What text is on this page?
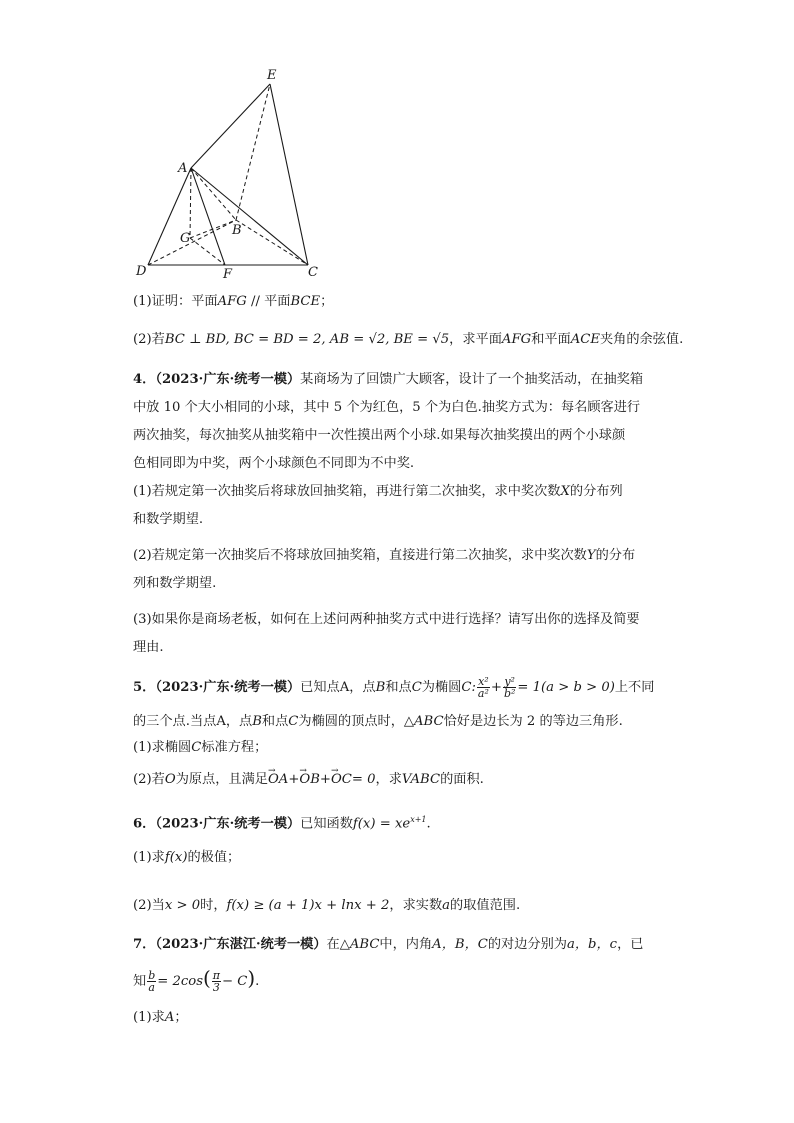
E
A
G
B
D	F	C
(1)证明：平面AFG // 平面BCE；
(2)若BC ⊥ BD, BC = BD = 2, AB = √2, BE = √5，求平面AFG和平面ACE夹角的余弦值.
4．（2023·广东·统考一模）某商场为了回馈广大顾客，设计了一个抽奖活动，在抽奖箱
中放 10 个大小相同的小球，其中 5 个为红色，5 个为白色.抽奖方式为：每名顾客进行
两次抽奖，每次抽奖从抽奖箱中一次性摸出两个小球.如果每次抽奖摸出的两个小球颜
色相同即为中奖，两个小球颜色不同即为不中奖.
(1)若规定第一次抽奖后将球放回抽奖箱，再进行第二次抽奖，求中奖次数X的分布列
和数学期望.
(2)若规定第一次抽奖后不将球放回抽奖箱，直接进行第二次抽奖，求中奖次数Y的分布
列和数学期望.
(3)如果你是商场老板，如何在上述问两种抽奖方式中进行选择？请写出你的选择及简要
理由.
5．（2023·广东·统考一模）已知点A，点B和点C为椭圆C: $\frac{\text{x²}}{\text{a²}} + \frac{\text{y²}}{\text{b²}} = 1(a > b > 0)$上不同
的三个点.当点A，点B和点C为椭圆的顶点时，△ABC恰好是边长为 2 的等边三角形.
(1)求椭圆C标准方程；
(2)若O为原点，且满足→ OA+→ OB+→ OC= 0，求VABC的面积.
6．（2023·广东·统考一模）已知函数$f(x) = xe^{x+1}$.
(1)求f(x)的极值；
(2)当x > 0时，f(x) ≥ (a + 1)x + lnx + 2，求实数a的取值范围.
7．（2023·广东湛江·统考一模）在△ABC中，内角A，B，C的对边分别为a，b，c，已
知 $\frac{b}{a} = 2\cos( \frac{\pi}{3} - C)$.
(1)求A；
